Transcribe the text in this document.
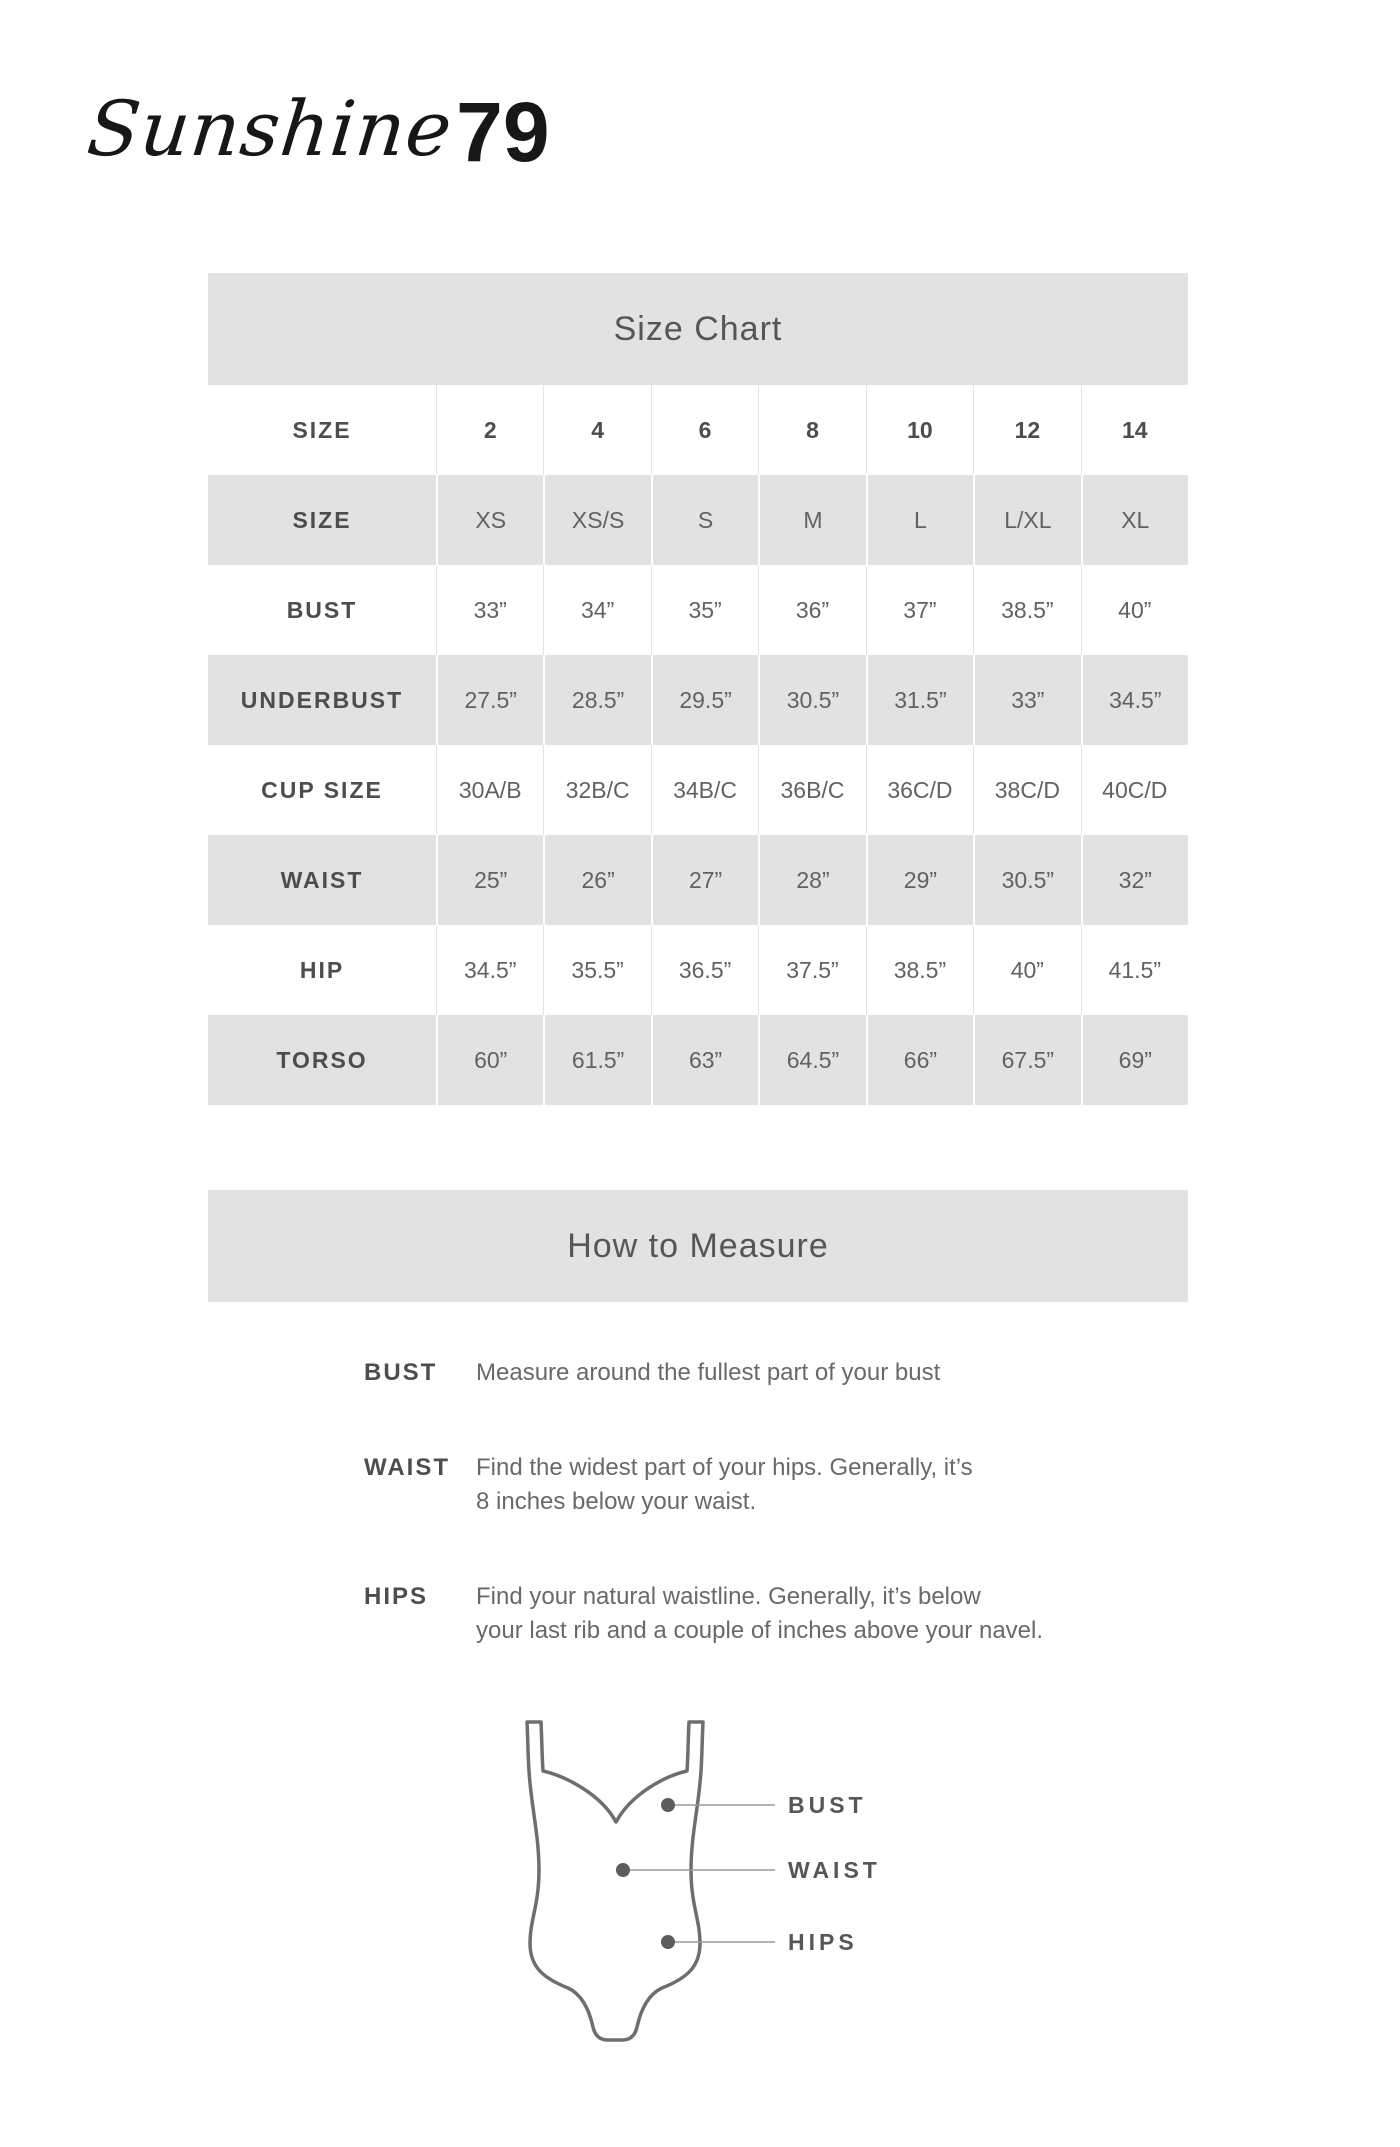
Sunshine79
Size Chart
SIZE	2	4	6	8	10	12	14
SIZE	XS	XS/S	S	M	L	L/XL	XL
BUST	33”	34”	35”	36”	37”	38.5”	40”
UNDERBUST	27.5”	28.5”	29.5”	30.5”	31.5”	33”	34.5”
CUP SIZE	30A/B	32B/C	34B/C	36B/C	36C/D	38C/D	40C/D
WAIST	25”	26”	27”	28”	29”	30.5”	32”
HIP	34.5”	35.5”	36.5”	37.5”	38.5”	40”	41.5”
TORSO	60”	61.5”	63”	64.5”	66”	67.5”	69”
How to Measure
BUST Measure around the fullest part of your bust
WAIST Find the widest part of your hips. Generally, it’s
8 inches below your waist.
HIPS Find your natural waistline. Generally, it’s below
your last rib and a couple of inches above your navel.
BUST
WAIST
HIPS
